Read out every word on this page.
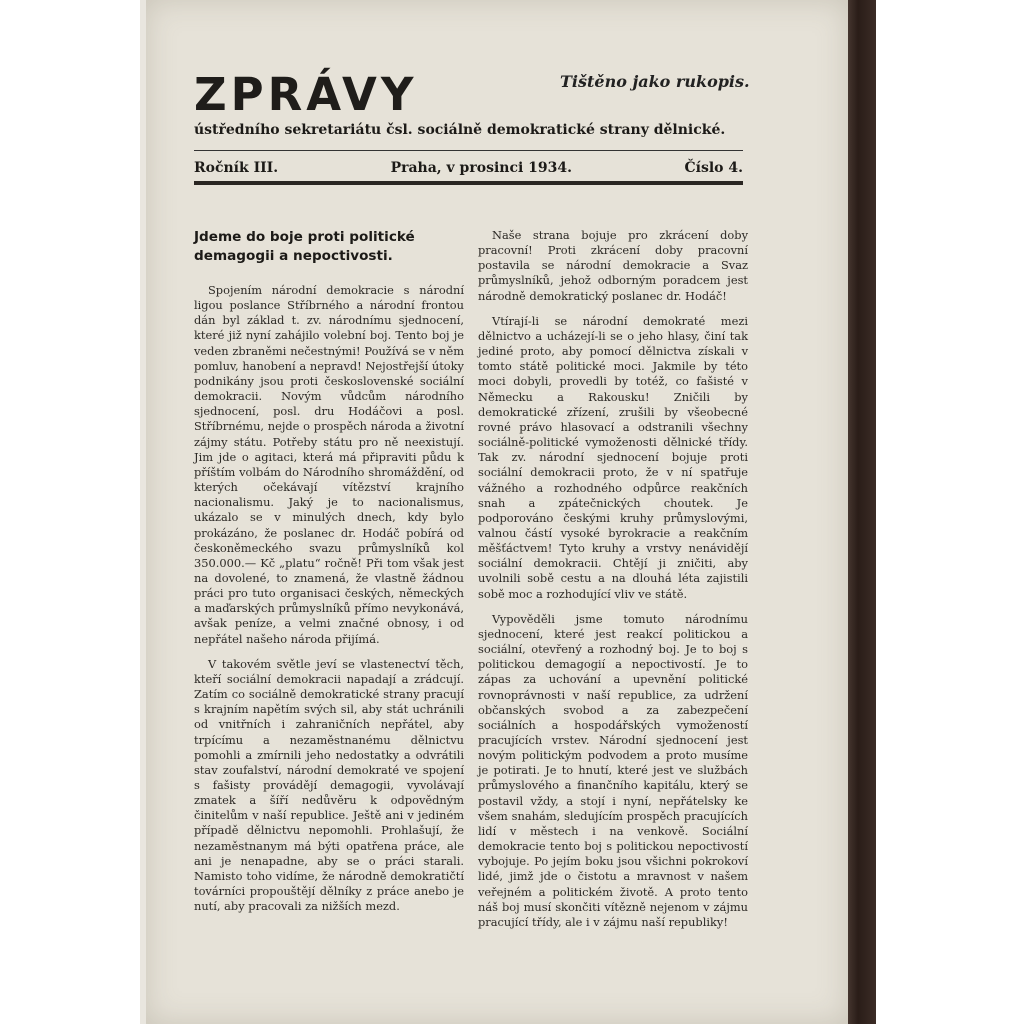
ZPRÁVY	Tištěno jako rukopis.

ústředního sekretariátu čsl. sociálně demokratické strany dělnické.

Ročník III.	Praha, v prosinci 1934.	Číslo 4.
Jdeme do boje proti politické demagogii a nepoctivosti.

Spojením národní demokracie s národní ligou poslance Stříbrného a národní frontou dán byl základ t. zv. národnímu sjednocení, které již nyní zahájilo volební boj. Tento boj je veden zbraněmi nečestnými! Používá se v něm pomluv, hanobení a nepravd! Nejostřejší útoky podnikány jsou proti československé sociální demokracii. Novým vůdcům národního sjednocení, posl. dru Hodáčovi a posl. Stříbrnému, nejde o prospěch národa a životní zájmy státu. Potřeby státu pro ně neexistují. Jim jde o agitaci, která má připraviti půdu k příštím volbám do Národního shromáždění, od kterých očekávají vítězství krajního nacionalismu. Jaký je to nacionalismus, ukázalo se v minulých dnech, kdy bylo prokázáno, že poslanec dr. Hodáč pobírá od českoněmeckého svazu průmyslníků kol 350.000.— Kč „platu“ ročně! Při tom však jest na dovolené, to znamená, že vlastně žádnou práci pro tuto organisaci českých, německých a maďarských průmyslníků přímo nevykonává, avšak peníze, a velmi značné obnosy, i od nepřátel našeho národa přijímá.

V takovém světle jeví se vlastenectví těch, kteří sociální demokracii napadají a zrádcují. Zatím co sociálně demokratické strany pracují s krajním napětím svých sil, aby stát uchránili od vnitřních i zahraničních nepřátel, aby trpícímu a nezaměstnanému dělnictvu pomohli a zmírnili jeho nedostatky a odvrátili stav zoufalství, národní demokraté ve spojení s fašisty provádějí demagogii, vyvolávají zmatek a šíří nedůvěru k odpovědným činitelům v naší republice. Ještě ani v jediném případě dělnictvu nepomohli. Prohlašují, že nezaměstnanym má býti opatřena práce, ale ani je nenapadne, aby se o práci starali. Namisto toho vidíme, že národně demokratičtí továrníci propouštějí dělníky z práce anebo je nutí, aby pracovali za nižších mezd.

Naše strana bojuje pro zkrácení doby pracovní! Proti zkrácení doby pracovní postavila se národní demokracie a Svaz průmyslníků, jehož odborným poradcem jest národně demokratický poslanec dr. Hodáč!

Vtírají-li se národní demokraté mezi dělnictvo a ucházejí-li se o jeho hlasy, činí tak jediné proto, aby pomocí dělnictva získali v tomto státě politické moci. Jakmile by této moci dobyli, provedli by totéž, co fašisté v Německu a Rakousku! Zničili by demokratické zřízení, zrušili by všeobecné rovné právo hlasovací a odstranili všechny sociálně-politické vymoženosti dělnické třídy. Tak zv. národní sjednocení bojuje proti sociální demokracii proto, že v ní spatřuje vážného a rozhodného odpůrce reakčních snah a zpátečnických choutek. Je podporováno českými kruhy průmyslovými, valnou částí vysoké byrokracie a reakčním měšťáctvem! Tyto kruhy a vrstvy nenávidějí sociální demokracii. Chtějí ji zničiti, aby uvolnili sobě cestu a na dlouhá léta zajistili sobě moc a rozhodující vliv ve státě.

Vypověděli jsme tomuto národnímu sjednocení, které jest reakcí politickou a sociální, otevřený a rozhodný boj. Je to boj s politickou demagogií a nepoctivostí. Je to zápas za uchování a upevnění politické rovnoprávnosti v naší republice, za udržení občanských svobod a za zabezpečení sociálních a hospodářských vymožeností pracujících vrstev. Národní sjednocení jest novým politickým podvodem a proto musíme je potirati. Je to hnutí, které jest ve službách průmyslového a finančního kapitálu, který se postavil vždy, a stojí i nyní, nepřátelsky ke všem snahám, sledujícím prospěch pracujících lidí v městech i na venkově. Sociální demokracie tento boj s politickou nepoctivostí vybojuje. Po jejím boku jsou všichni pokrokoví lidé, jimž jde o čistotu a mravnost v našem veřejném a politickém životě. A proto tento náš boj musí skončiti vítězně nejenom v zájmu pracující třídy, ale i v zájmu naší republiky!
